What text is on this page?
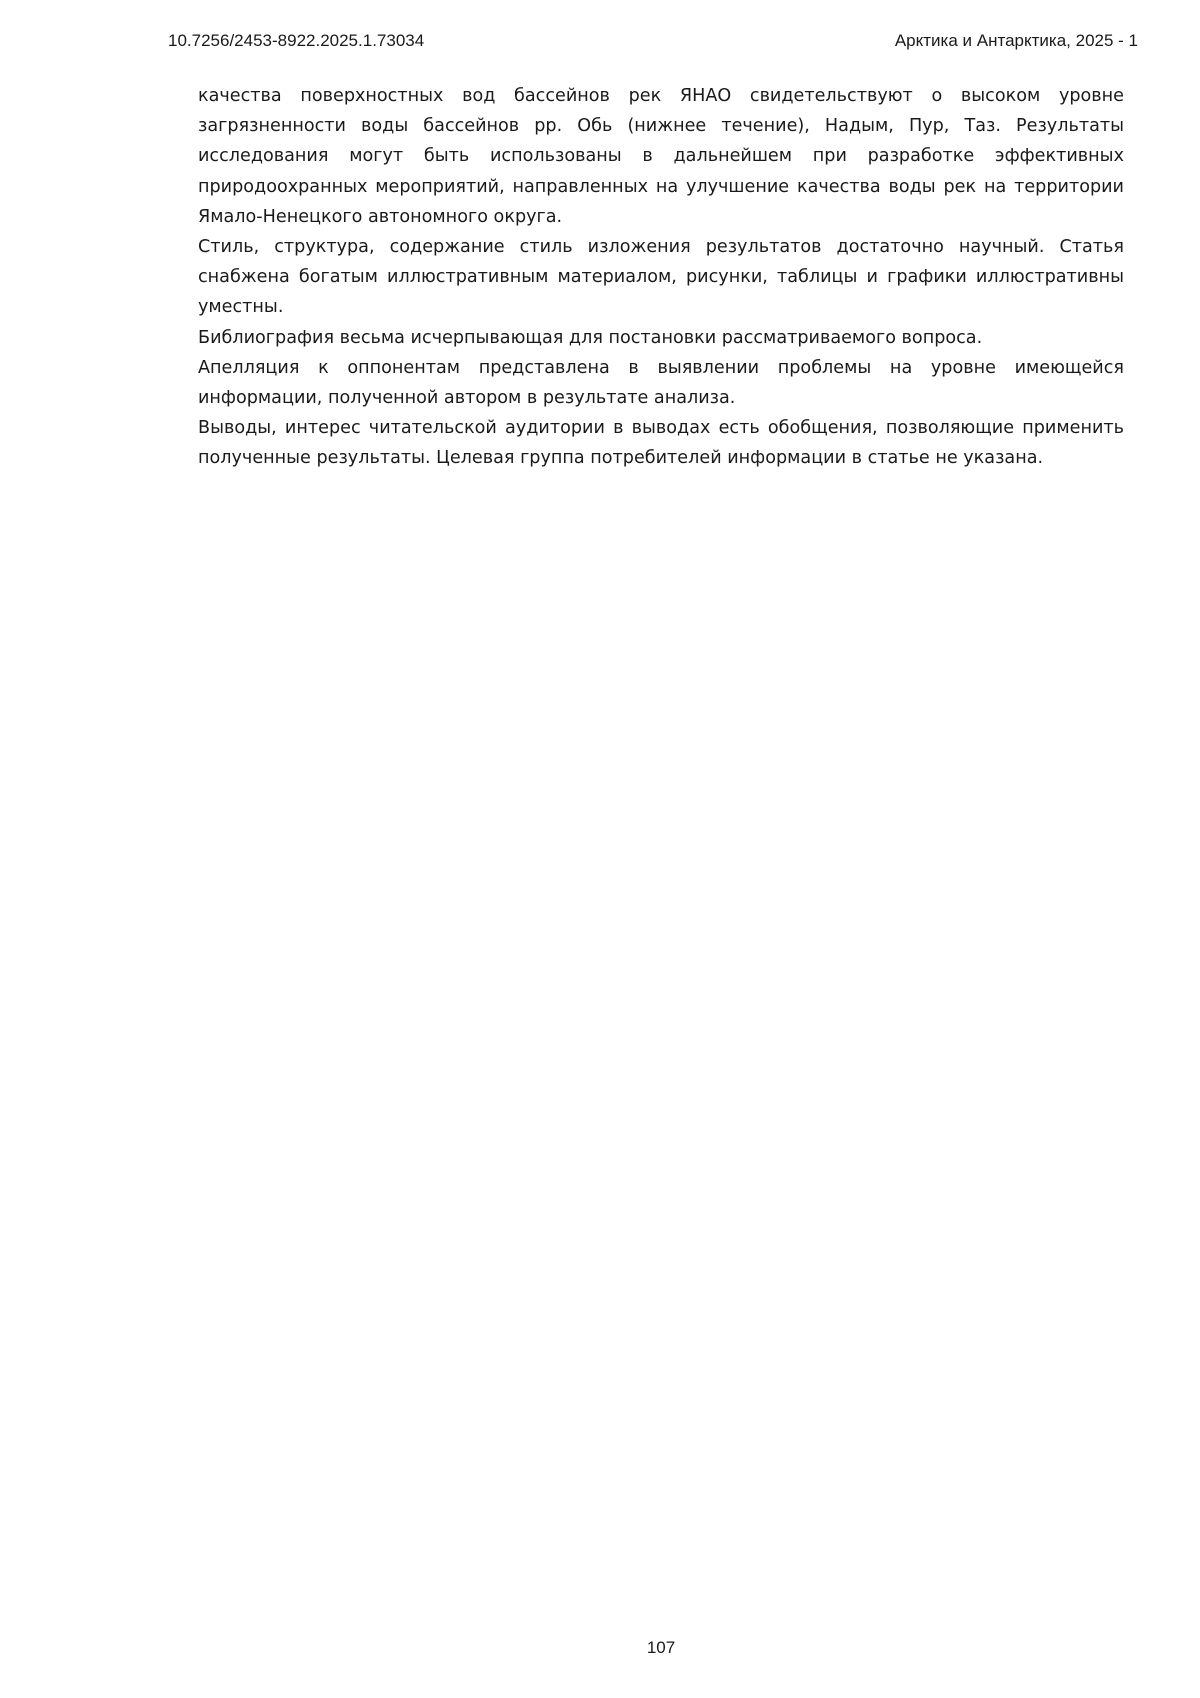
10.7256/2453-8922.2025.1.73034	Арктика и Антарктика, 2025 - 1

качества поверхностных вод бассейнов рек ЯНАО свидетельствуют о высоком уровне загрязненности воды бассейнов рр. Обь (нижнее течение), Надым, Пур, Таз. Результаты исследования могут быть использованы в дальнейшем при разработке эффективных природоохранных мероприятий, направленных на улучшение качества воды рек на территории Ямало-Ненецкого автономного округа.

Стиль, структура, содержание стиль изложения результатов достаточно научный. Статья снабжена богатым иллюстративным материалом, рисунки, таблицы и графики иллюстративны уместны.

Библиография весьма исчерпывающая для постановки рассматриваемого вопроса.

Апелляция к оппонентам представлена в выявлении проблемы на уровне имеющейся информации, полученной автором в результате анализа.

Выводы, интерес читательской аудитории в выводах есть обобщения, позволяющие применить полученные результаты. Целевая группа потребителей информации в статье не указана.

107
